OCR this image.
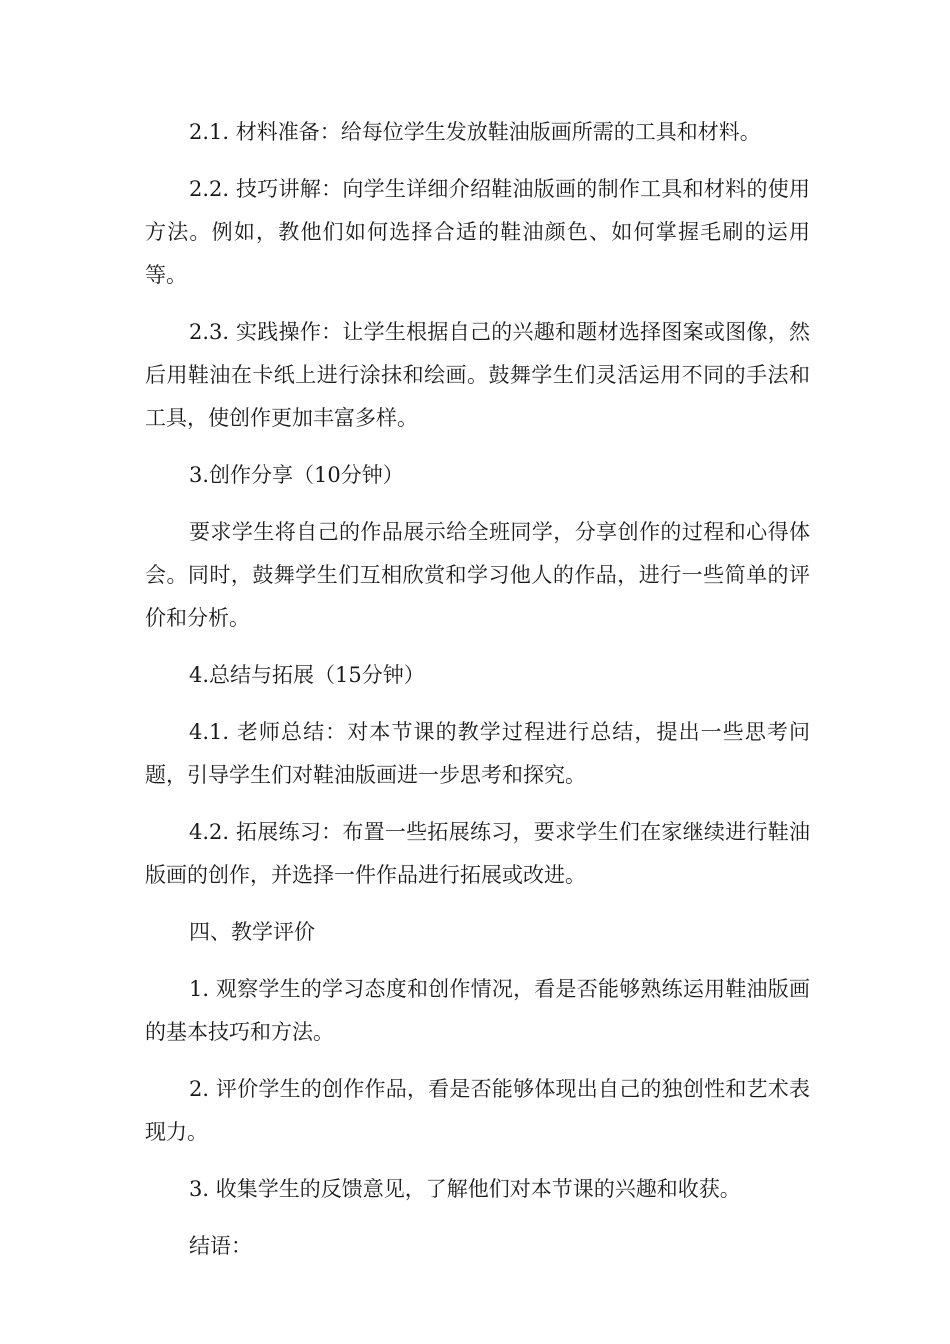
2.1. 材料准备：给每位学生发放鞋油版画所需的工具和材料。

2.2. 技巧讲解：向学生详细介绍鞋油版画的制作工具和材料的使用方法。例如，教他们如何选择合适的鞋油颜色、如何掌握毛刷的运用等。

2.3. 实践操作：让学生根据自己的兴趣和题材选择图案或图像，然后用鞋油在卡纸上进行涂抹和绘画。鼓舞学生们灵活运用不同的手法和工具，使创作更加丰富多样。

3.创作分享（10分钟）

要求学生将自己的作品展示给全班同学，分享创作的过程和心得体会。同时，鼓舞学生们互相欣赏和学习他人的作品，进行一些简单的评价和分析。

4.总结与拓展（15分钟）

4.1. 老师总结：对本节课的教学过程进行总结，提出一些思考问题，引导学生们对鞋油版画进一步思考和探究。

4.2. 拓展练习：布置一些拓展练习，要求学生们在家继续进行鞋油版画的创作，并选择一件作品进行拓展或改进。

四、教学评价

1. 观察学生的学习态度和创作情况，看是否能够熟练运用鞋油版画的基本技巧和方法。

2. 评价学生的创作作品，看是否能够体现出自己的独创性和艺术表现力。

3. 收集学生的反馈意见，了解他们对本节课的兴趣和收获。

结语：
